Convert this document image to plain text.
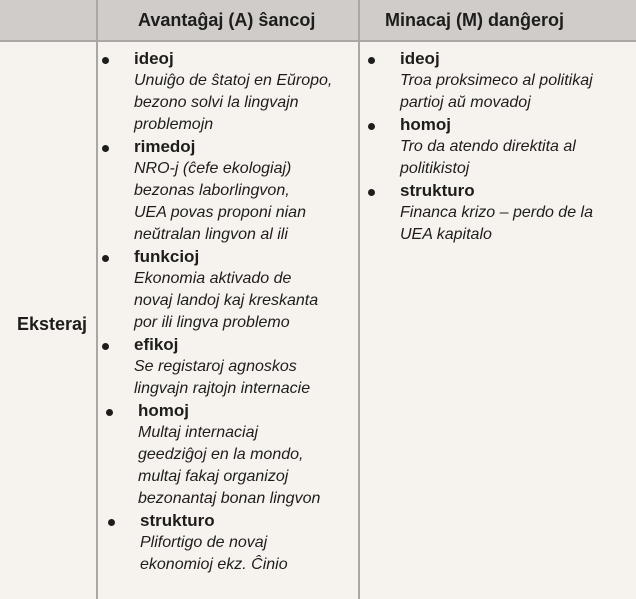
Avantaĝaj (A) ŝancoj	Minacaj (M) danĝeroj
Eksteraj
ideoj
Unuiĝo de ŝtatoj en Eŭropo,
bezono solvi la lingvajn
problemojn
rimedoj
NRO-j (ĉefe ekologiaj)
bezonas laborlingvon,
UEA povas proponi nian
neŭtralan lingvon al ili
funkcioj
Ekonomia aktivado de
novaj landoj kaj kreskanta
por ili lingva problemo
efikoj
Se registaroj agnoskos
lingvajn rajtojn internacie
homoj
Multaj internaciaj
geedziĝoj en la mondo,
multaj fakaj organizoj
bezonantaj bonan lingvon
strukturo
Plifortigo de novaj
ekonomioj ekz. Ĉinio
ideoj
Troa proksimeco al politikaj
partioj aŭ movadoj
homoj
Tro da atendo direktita al
politikistoj
strukturo
Financa krizo – perdo de la
UEA kapitalo
